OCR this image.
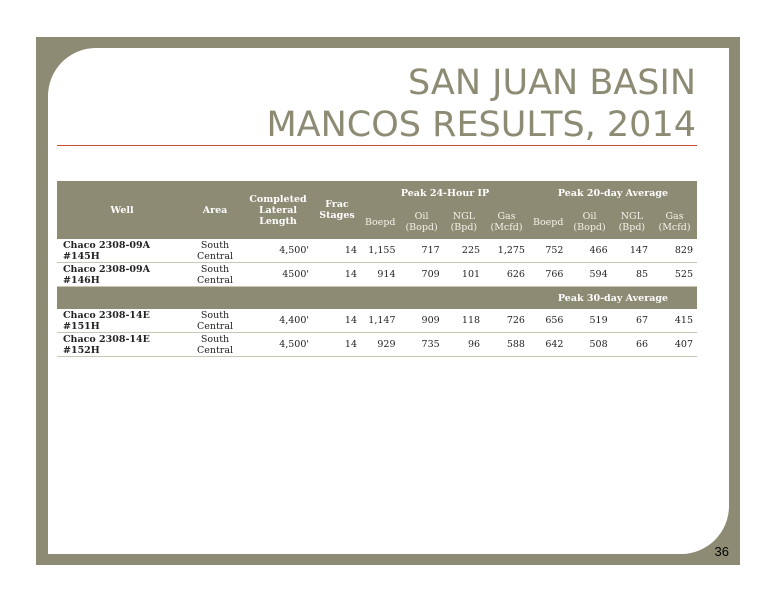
SAN JUAN BASIN
MANCOS RESULTS, 2014
Well	Area	Completed Lateral Length	Frac Stages	Peak 24-Hour IP				Peak 20-day Average			
				Boepd	Oil (Bopd)	NGL (Bpd)	Gas (Mcfd)	Boepd	Oil (Bopd)	NGL (Bpd)	Gas (Mcfd)
Chaco 2308-09A #145H	South Central	4,500'	14	1,155	717	225	1,275	752	466	147	829
Chaco 2308-09A #146H	South Central	4500'	14	914	709	101	626	766	594	85	525
								Peak 30-day Average			
Chaco 2308-14E #151H	South Central	4,400'	14	1,147	909	118	726	656	519	67	415
Chaco 2308-14E #152H	South Central	4,500'	14	929	735	96	588	642	508	66	407
36
